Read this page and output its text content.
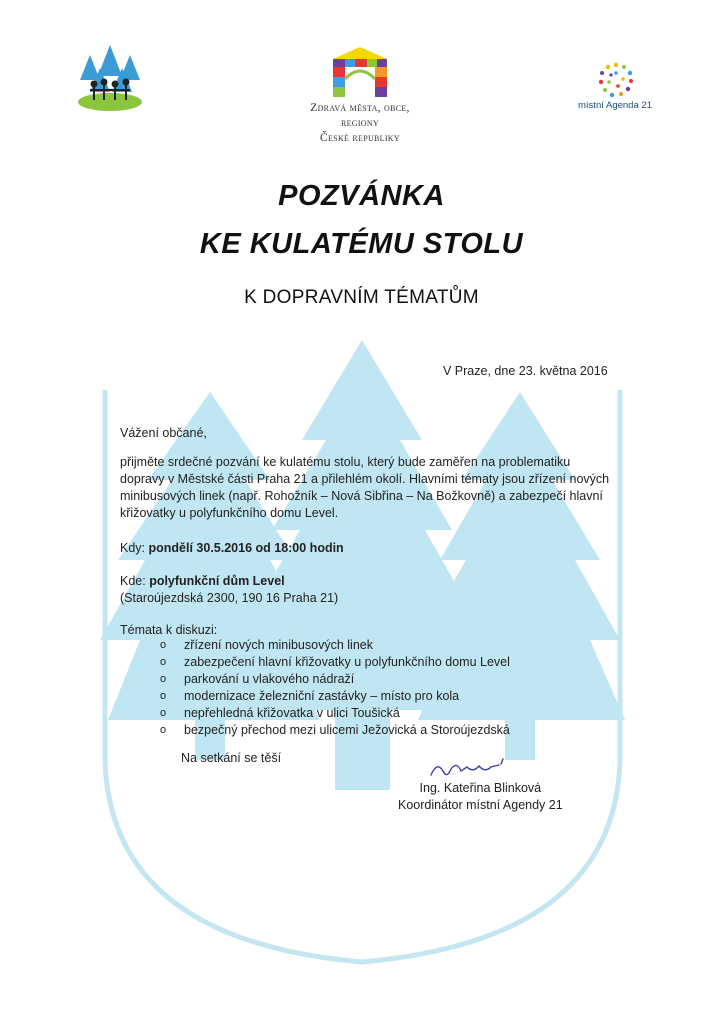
Zdravá města, obce, regiony
České republiky
místní Agenda 21
POZVÁNKA
KE KULATÉMU STOLU
K DOPRAVNÍM TÉMATŮM
V Praze, dne 23. května 2016
Vážení občané,
přijměte srdečné pozvání ke kulatému stolu, který bude zaměřen na problematiku dopravy v Městské části Praha 21 a přilehlém okolí. Hlavními tématy jsou zřízení nových minibusových linek (např. Rohožník – Nová Sibřina – Na Božkovně) a zabezpečí hlavní křižovatky u polyfunkčního domu Level.
Kdy: pondělí 30.5.2016 od 18:00 hodin
Kde: polyfunkční dům Level
(Staroújezdská 2300, 190 16 Praha 21)
Témata k diskuzi:
o zřízení nových minibusových linek
o zabezpečení hlavní křižovatky u polyfunkčního domu Level
o parkování u vlakového nádraží
o modernizace železniční zastávky – místo pro kola
o nepřehledná křižovatka v ulici Toušická
o bezpečný přechod mezi ulicemi Ježovická a Storoújezdská
Na setkání se těší
Ing. Kateřina Blinková
Koordinátor místní Agendy 21
